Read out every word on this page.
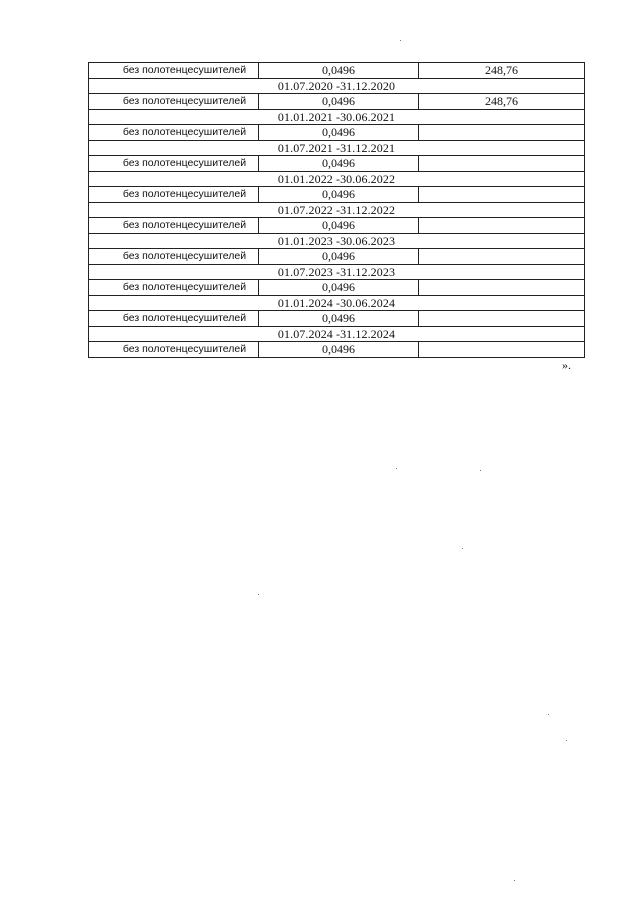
без полотенцесушителей	0,0496	248,76
01.07.2020 -31.12.2020		
без полотенцесушителей	0,0496	248,76
01.01.2021 -30.06.2021		
без полотенцесушителей	0,0496	
01.07.2021 -31.12.2021		
без полотенцесушителей	0,0496	
01.01.2022 -30.06.2022		
без полотенцесушителей	0,0496	
01.07.2022 -31.12.2022		
без полотенцесушителей	0,0496	
01.01.2023 -30.06.2023		
без полотенцесушителей	0,0496	
01.07.2023 -31.12.2023		
без полотенцесушителей	0,0496	
01.01.2024 -30.06.2024		
без полотенцесушителей	0,0496	
01.07.2024 -31.12.2024		
без полотенцесушителей	0,0496	
».
